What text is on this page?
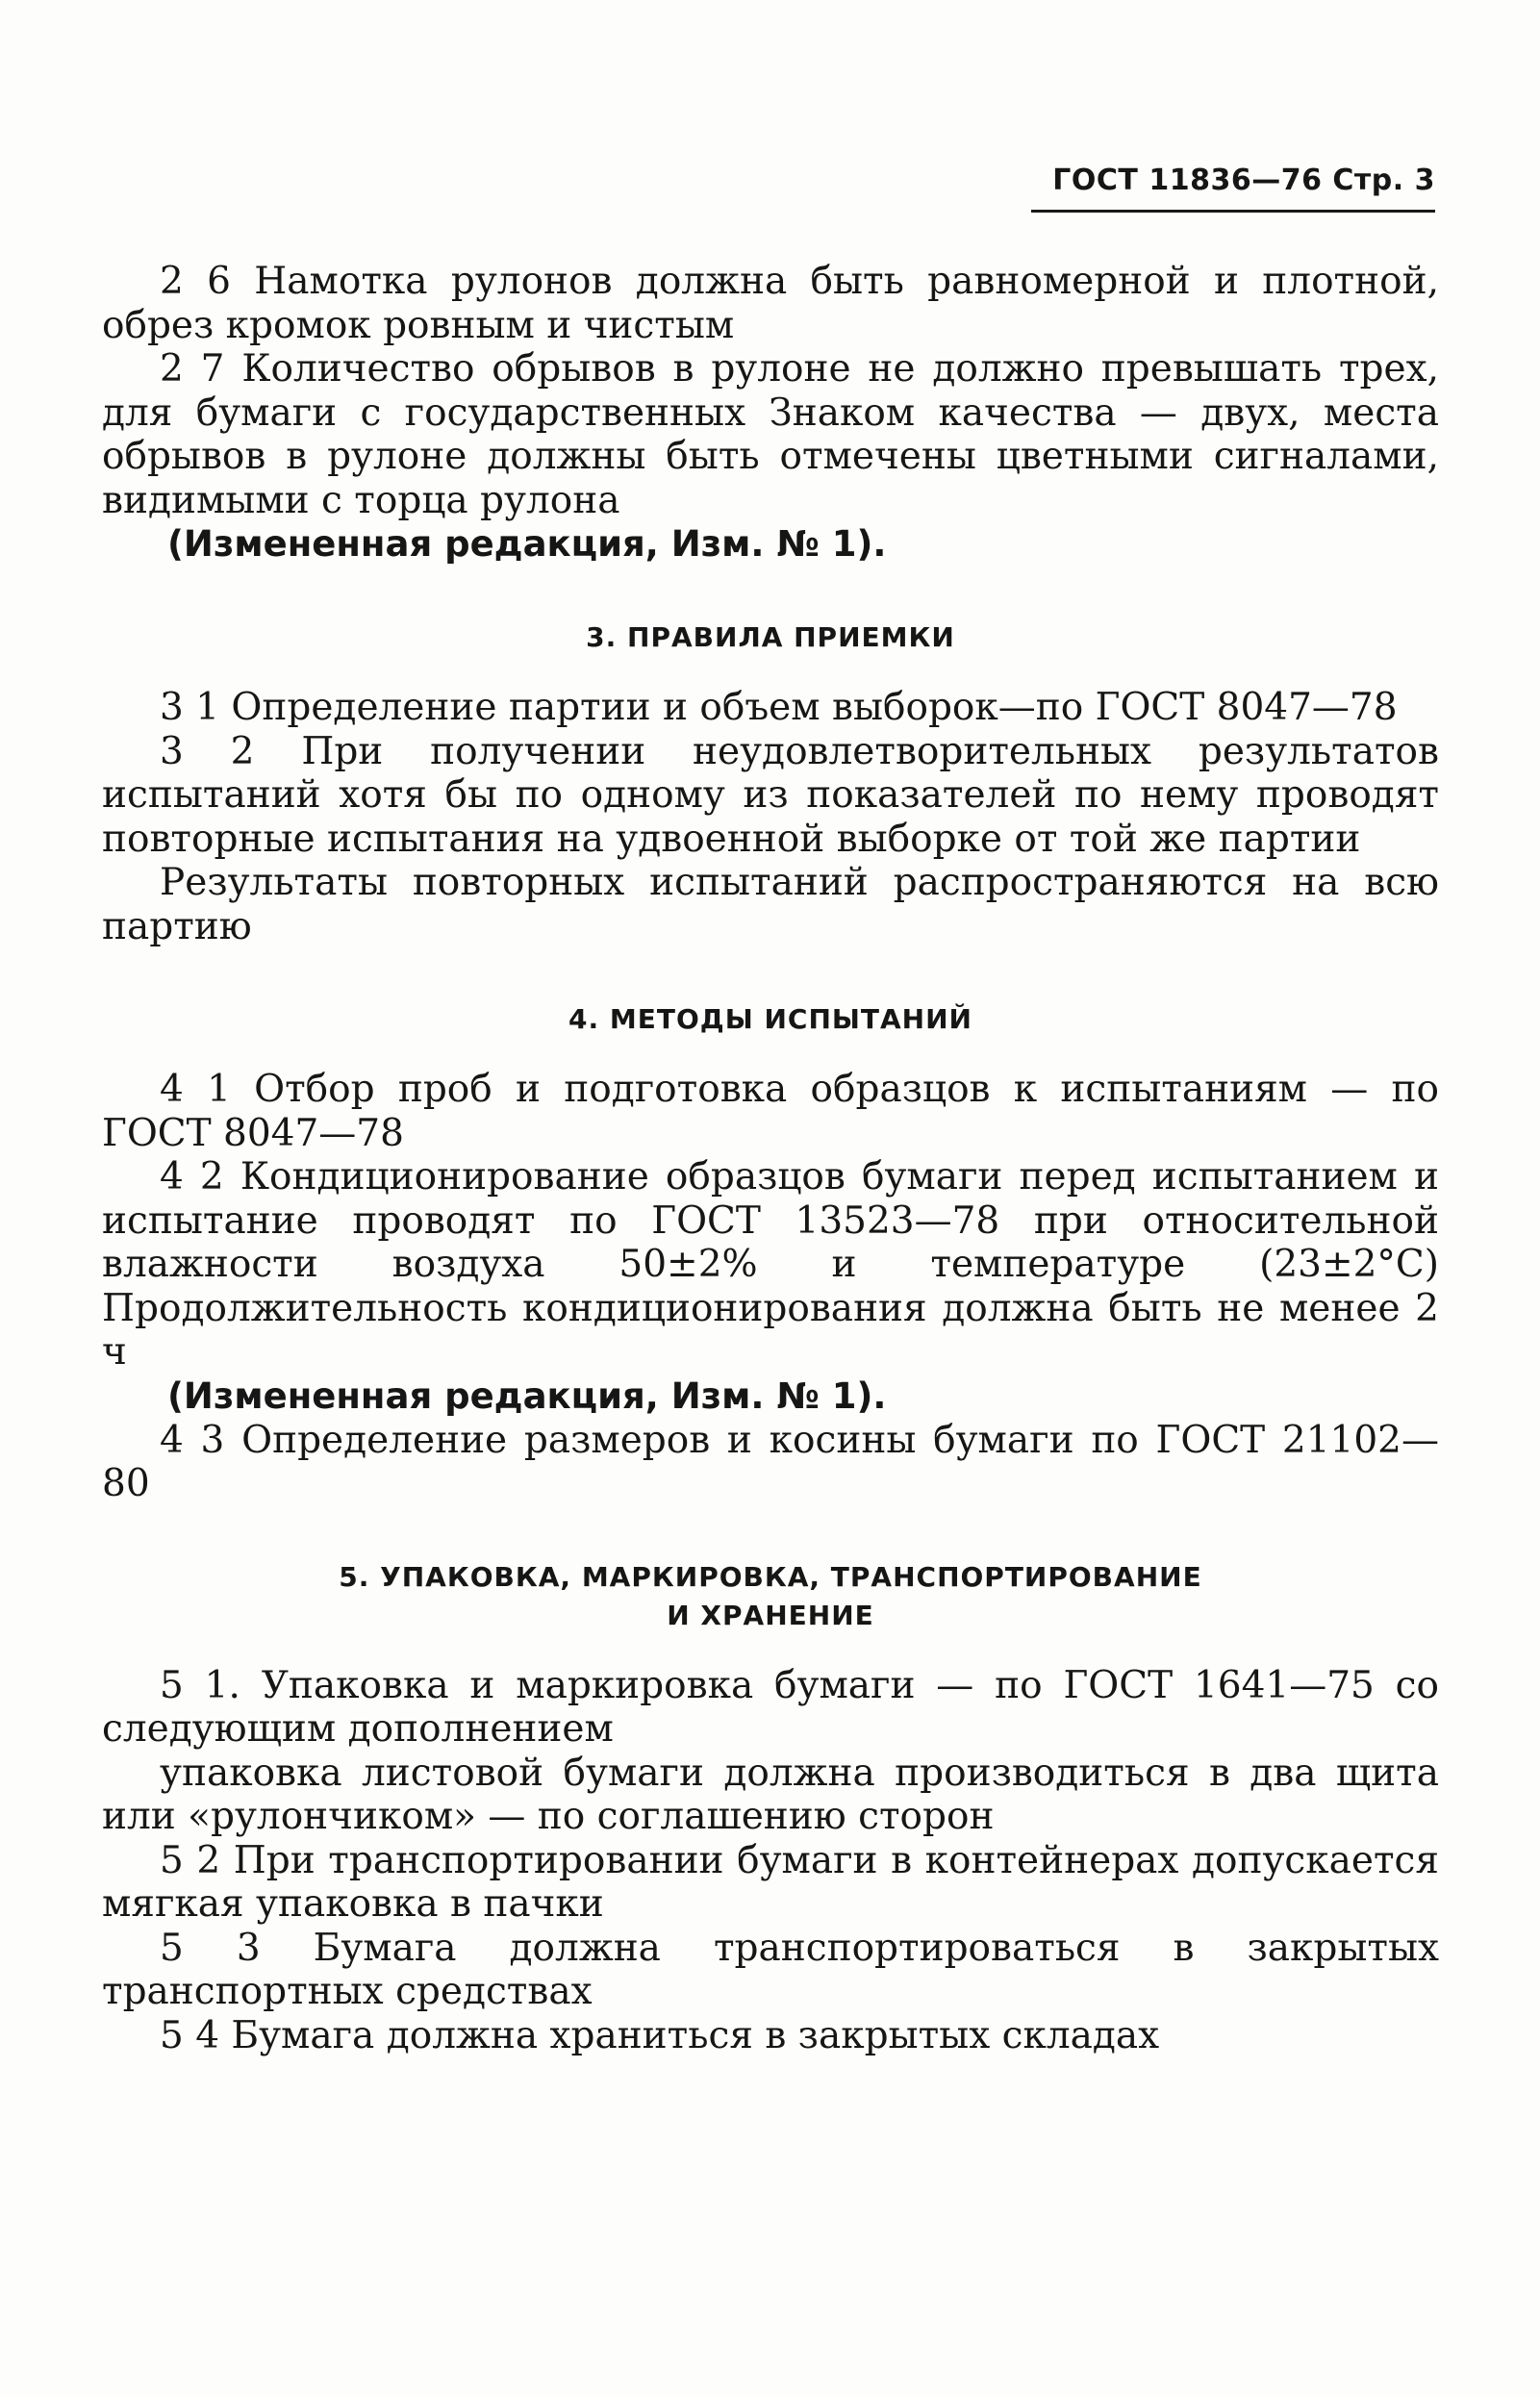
ГОСТ 11836—76 Стр. 3

2 6 Намотка рулонов должна быть равномерной и плотной, обрез кромок ровным и чистым

2 7 Количество обрывов в рулоне не должно превышать трех, для бумаги с государственных Знаком качества — двух, места обрывов в рулоне должны быть отмечены цветными сигналами, видимыми с торца рулона

(Измененная редакция, Изм. № 1).
3. ПРАВИЛА ПРИЕМКИ

3 1 Определение партии и объем выборок—по ГОСТ 8047—78

3 2 При получении неудовлетворительных результатов испытаний хотя бы по одному из показателей по нему проводят повторные испытания на удвоенной выборке от той же партии

Результаты повторных испытаний распространяются на всю партию

4. МЕТОДЫ ИСПЫТАНИЙ

4 1 Отбор проб и подготовка образцов к испытаниям — по ГОСТ 8047—78

4 2 Кондиционирование образцов бумаги перед испытанием и испытание проводят по ГОСТ 13523—78 при относительной влажности воздуха 50±2% и температуре (23±2°С) Продолжительность кондиционирования должна быть не менее 2 ч

(Измененная редакция, Изм. № 1).

4 3 Определение размеров и косины бумаги по ГОСТ 21102—80

5. УПАКОВКА, МАРКИРОВКА, ТРАНСПОРТИРОВАНИЕ
И ХРАНЕНИЕ

5 1. Упаковка и маркировка бумаги — по ГОСТ 1641—75 со следующим дополнением

упаковка листовой бумаги должна производиться в два щита или «рулончиком» — по соглашению сторон

5 2 При транспортировании бумаги в контейнерах допускается мягкая упаковка в пачки

5 3 Бумага должна транспортироваться в закрытых транспортных средствах

5 4 Бумага должна храниться в закрытых складах
